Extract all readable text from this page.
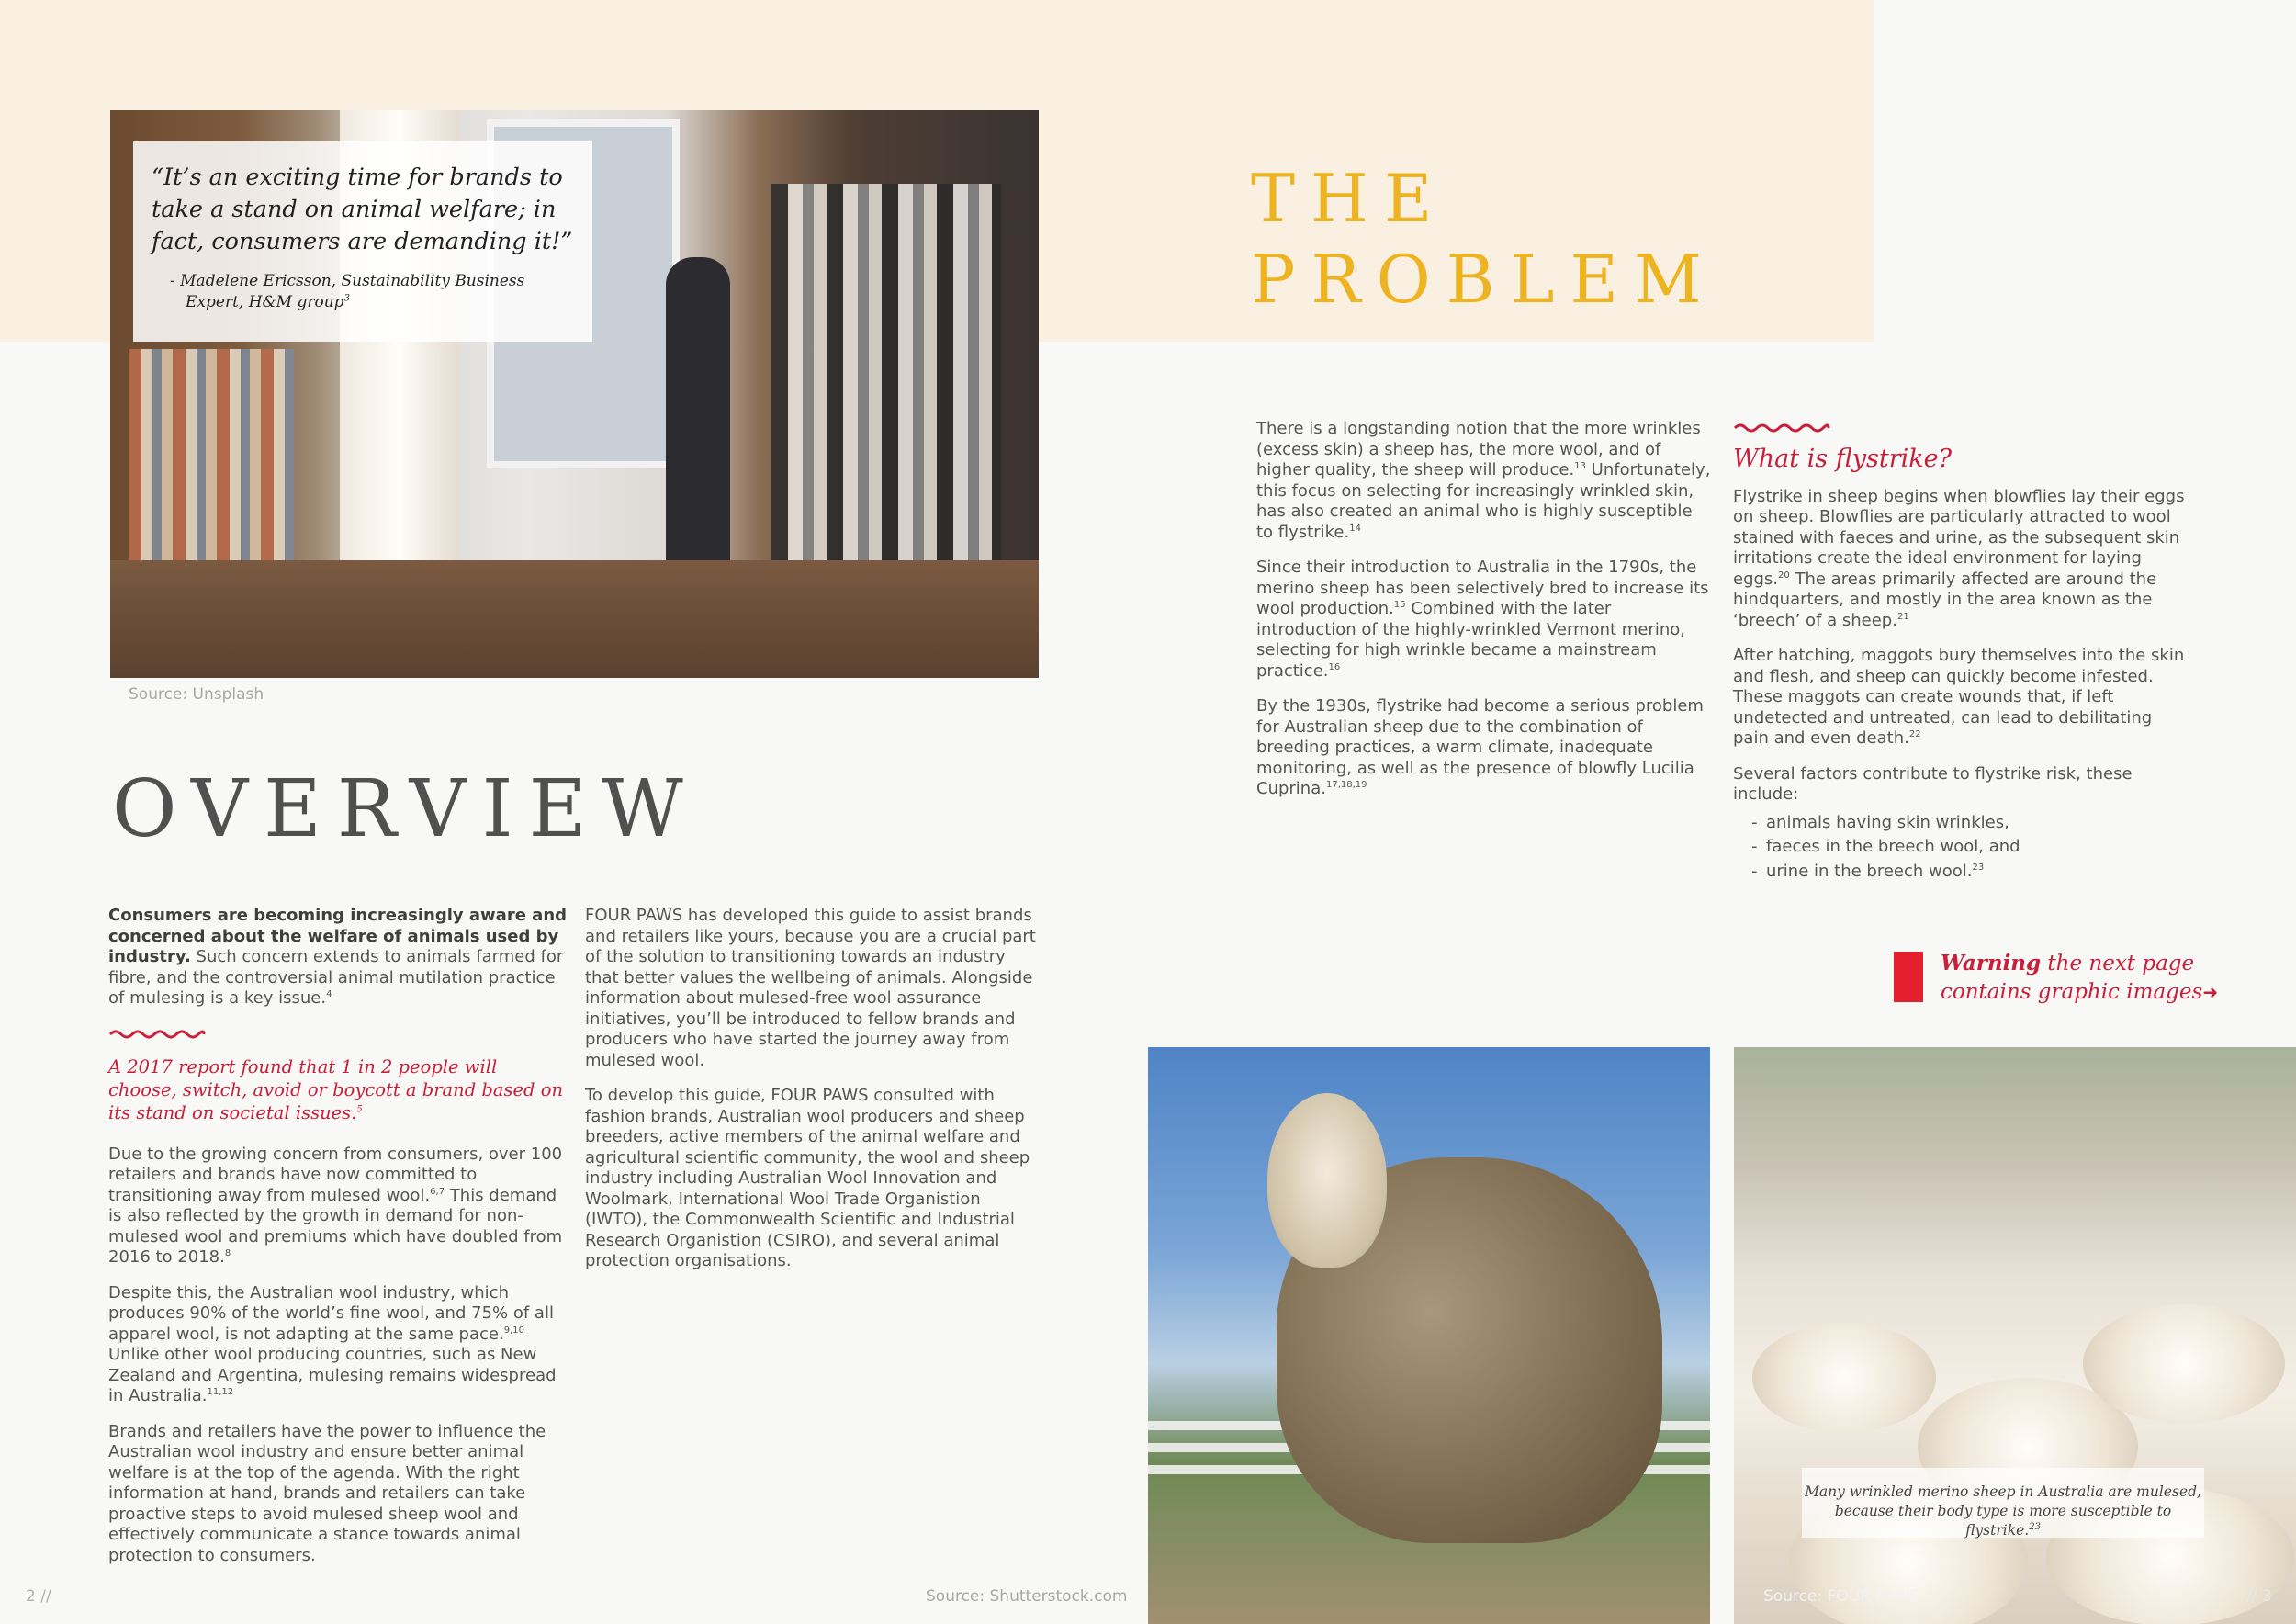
“It’s an exciting time for brands to take a stand on animal welfare; in fact, consumers are demanding it!”
- Madelene Ericsson, Sustainability Business Expert, H&M group$^3$
Source: Unsplash
OVERVIEW

Consumers are becoming increasingly aware and concerned about the welfare of animals used by industry. Such concern extends to animals farmed for fibre, and the controversial animal mutilation practice of mulesing is a key issue.$^4$

A 2017 report found that 1 in 2 people will choose, switch, avoid or boycott a brand based on its stand on societal issues.$^5$

Due to the growing concern from consumers, over 100 retailers and brands have now committed to transitioning away from mulesed wool.$^{6,7}$ This demand is also reflected by the growth in demand for non-mulesed wool and premiums which have doubled from 2016 to 2018.$^8$

Despite this, the Australian wool industry, which produces 90% of the world’s fine wool, and 75% of all apparel wool, is not adapting at the same pace.$^{9,10}$ Unlike other wool producing countries, such as New Zealand and Argentina, mulesing remains widespread in Australia.$^{11,12}$

Brands and retailers have the power to influence the Australian wool industry and ensure better animal welfare is at the top of the agenda. With the right information at hand, brands and retailers can take proactive steps to avoid mulesed sheep wool and effectively communicate a stance towards animal protection to consumers.

FOUR PAWS has developed this guide to assist brands and retailers like yours, because you are a crucial part of the solution to transitioning towards an industry that better values the wellbeing of animals. Alongside information about mulesed-free wool assurance initiatives, you’ll be introduced to fellow brands and producers who have started the journey away from mulesed wool.

To develop this guide, FOUR PAWS consulted with fashion brands, Australian wool producers and sheep breeders, active members of the animal welfare and agricultural scientific community, the wool and sheep industry including Australian Wool Innovation and Woolmark, International Wool Trade Organistion (IWTO), the Commonwealth Scientific and Industrial Research Organistion (CSIRO), and several animal protection organisations.

THE
PROBLEM

There is a longstanding notion that the more wrinkles (excess skin) a sheep has, the more wool, and of higher quality, the sheep will produce.$^{13}$ Unfortunately, this focus on selecting for increasingly wrinkled skin, has also created an animal who is highly susceptible to flystrike.$^{14}$

Since their introduction to Australia in the 1790s, the merino sheep has been selectively bred to increase its wool production.$^{15}$ Combined with the later introduction of the highly-wrinkled Vermont merino, selecting for high wrinkle became a mainstream practice.$^{16}$

By the 1930s, flystrike had become a serious problem for Australian sheep due to the combination of breeding practices, a warm climate, inadequate monitoring, as well as the presence of blowfly Lucilia Cuprina.$^{17,18,19}$

What is flystrike?

Flystrike in sheep begins when blowflies lay their eggs on sheep. Blowflies are particularly attracted to wool stained with faeces and urine, as the subsequent skin irritations create the ideal environment for laying eggs.$^{20}$ The areas primarily affected are around the hindquarters, and mostly in the area known as the ‘breech’ of a sheep.$^{21}$

After hatching, maggots bury themselves into the skin and flesh, and sheep can quickly become infested. These maggots can create wounds that, if left undetected and untreated, can lead to debilitating pain and even death.$^{22}$

Several factors contribute to flystrike risk, these include:

- animals having skin wrinkles,
- faeces in the breech wool, and
- urine in the breech wool.$^{23}$
Warning the next page
contains graphic images➜
Many wrinkled merino sheep in Australia are mulesed, because their body type is more susceptible to flystrike.$^{23}$
2 //	Source: Shutterstock.com	Source: FOUR PAWS	// 3
